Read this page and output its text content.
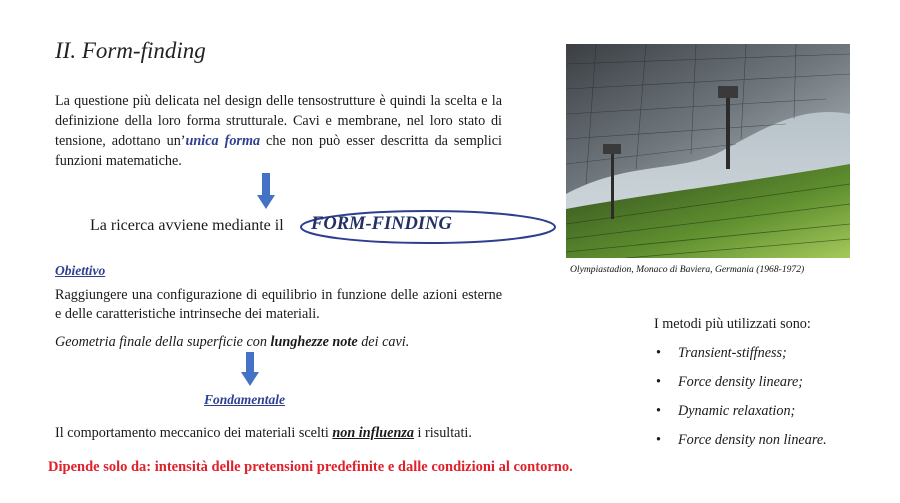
II. Form-finding
La questione più delicata nel design delle tensostrutture è quindi la scelta e la definizione della loro forma strutturale. Cavi e membrane, nel loro stato di tensione, adottano un’unica forma che non può esser descritta da semplici funzioni matematiche.
La ricerca avviene mediante il FORM-FINDING
Obiettivo
Raggiungere una configurazione di equilibrio in funzione delle azioni esterne e delle caratteristiche intrinseche dei materiali.
Geometria finale della superficie con lunghezze note dei cavi.
Fondamentale
Il comportamento meccanico dei materiali scelti non influenza i risultati.
Dipende solo da: intensità delle pretensioni predefinite e dalle condizioni al contorno.
Olympiastadion, Monaco di Baviera, Germania (1968-1972)
I metodi più utilizzati sono:
• Transient-stiffness;
• Force density lineare;
• Dynamic relaxation;
• Force density non lineare.
